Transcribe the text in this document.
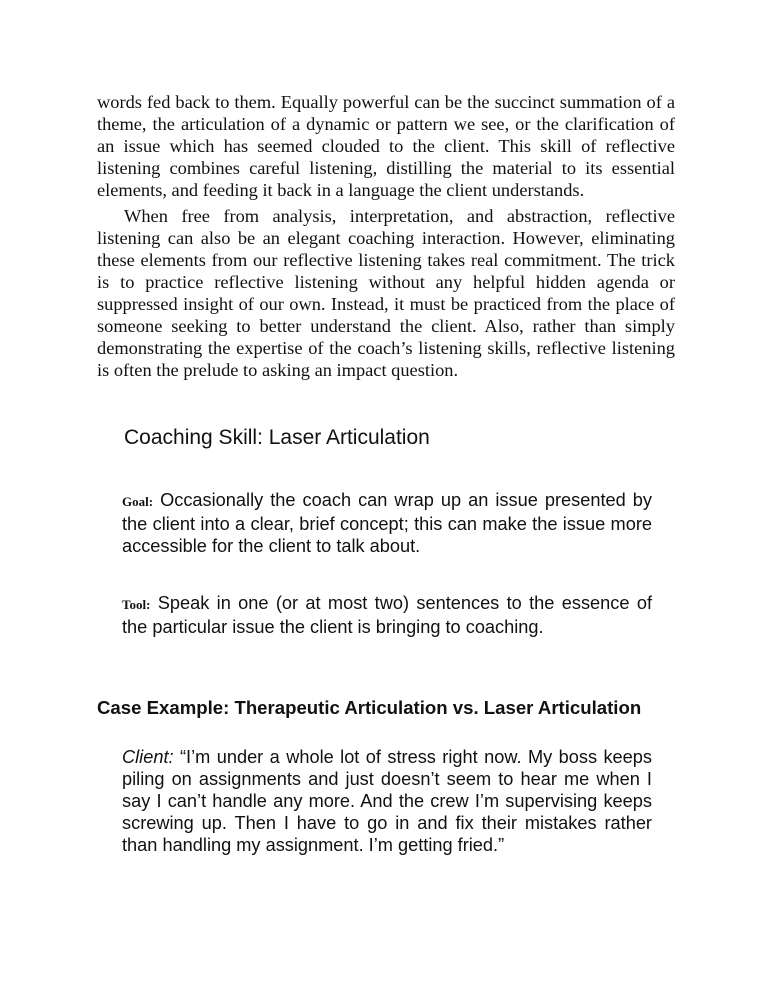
words fed back to them. Equally powerful can be the succinct summation of a theme, the articulation of a dynamic or pattern we see, or the clarification of an issue which has seemed clouded to the client. This skill of reflective listening combines careful listening, distilling the material to its essential elements, and feeding it back in a language the client understands.

When free from analysis, interpretation, and abstraction, reflective listening can also be an elegant coaching interaction. However, eliminating these elements from our reflective listening takes real commitment. The trick is to practice reflective listening without any helpful hidden agenda or suppressed insight of our own. Instead, it must be practiced from the place of someone seeking to better understand the client. Also, rather than simply demonstrating the expertise of the coach’s listening skills, reflective listening is often the prelude to asking an impact question.

Coaching Skill: Laser Articulation

Goal: Occasionally the coach can wrap up an issue presented by the client into a clear, brief concept; this can make the issue more accessible for the client to talk about.

Tool: Speak in one (or at most two) sentences to the essence of the particular issue the client is bringing to coaching.

Case Example: Therapeutic Articulation vs. Laser Articulation

Client: “I’m under a whole lot of stress right now. My boss keeps piling on assignments and just doesn’t seem to hear me when I say I can’t handle any more. And the crew I’m supervising keeps screwing up. Then I have to go in and fix their mistakes rather than handling my assignment. I’m getting fried.”
